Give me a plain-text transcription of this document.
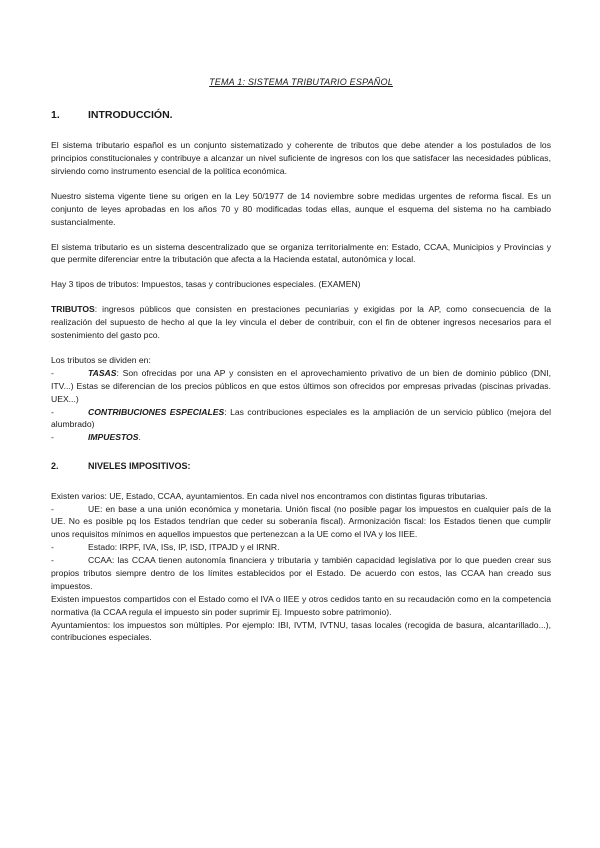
TEMA 1: SISTEMA TRIBUTARIO ESPAÑOL
1.	INTRODUCCIÓN.

El sistema tributario español es un conjunto sistematizado y coherente de tributos que debe atender a los postulados de los principios constitucionales y contribuye a alcanzar un nivel suficiente de ingresos con los que satisfacer las necesidades públicas, sirviendo como instrumento esencial de la política económica.

Nuestro sistema vigente tiene su origen en la Ley 50/1977 de 14 noviembre sobre medidas urgentes de reforma fiscal. Es un conjunto de leyes aprobadas en los años 70 y 80 modificadas todas ellas, aunque el esquema del sistema no ha cambiado sustancialmente.

El sistema tributario es un sistema descentralizado que se organiza territorialmente en: Estado, CCAA, Municipios y Provincias y que permite diferenciar entre la tributación que afecta a la Hacienda estatal, autonómica y local.

Hay 3 tipos de tributos: Impuestos, tasas y contribuciones especiales. (EXAMEN)

TRIBUTOS: ingresos públicos que consisten en prestaciones pecuniarias y exigidas por la AP, como consecuencia de la realización del supuesto de hecho al que la ley vincula el deber de contribuir, con el fin de obtener ingresos necesarios para el sostenimiento del gasto pco.

Los tributos se dividen en:
-	TASAS: Son ofrecidas por una AP y consisten en el aprovechamiento privativo de un bien de dominio público (DNI, ITV...) Estas se diferencian de los precios públicos en que estos últimos son ofrecidos por empresas privadas (piscinas privadas. UEX...)
-	CONTRIBUCIONES ESPECIALES: Las contribuciones especiales es la ampliación de un servicio público (mejora del alumbrado)
-	IMPUESTOS.
2.	NIVELES IMPOSITIVOS:
Existen varios: UE, Estado, CCAA, ayuntamientos. En cada nivel nos encontramos con distintas figuras tributarias.
-	UE: en base a una unión económica y monetaria. Unión fiscal (no posible pagar los impuestos en cualquier país de la UE. No es posible pq los Estados tendrían que ceder su soberanía fiscal). Armonización fiscal: los Estados tienen que cumplir unos requisitos mínimos en aquellos impuestos que pertenezcan a la UE como el IVA y los IIEE.
-	Estado: IRPF, IVA, ISs, IP, ISD, ITPAJD y el IRNR.
-	CCAA: las CCAA tienen autonomía financiera y tributaria y también capacidad legislativa por lo que pueden crear sus propios tributos siempre dentro de los límites establecidos por el Estado. De acuerdo con estos, las CCAA han creado sus impuestos.
Existen impuestos compartidos con el Estado como el IVA o IIEE y otros cedidos tanto en su recaudación como en la competencia normativa (la CCAA regula el impuesto sin poder suprimir Ej. Impuesto sobre patrimonio).
Ayuntamientos: los impuestos son múltiples. Por ejemplo: IBI, IVTM, IVTNU, tasas locales (recogida de basura, alcantarillado...), contribuciones especiales.
